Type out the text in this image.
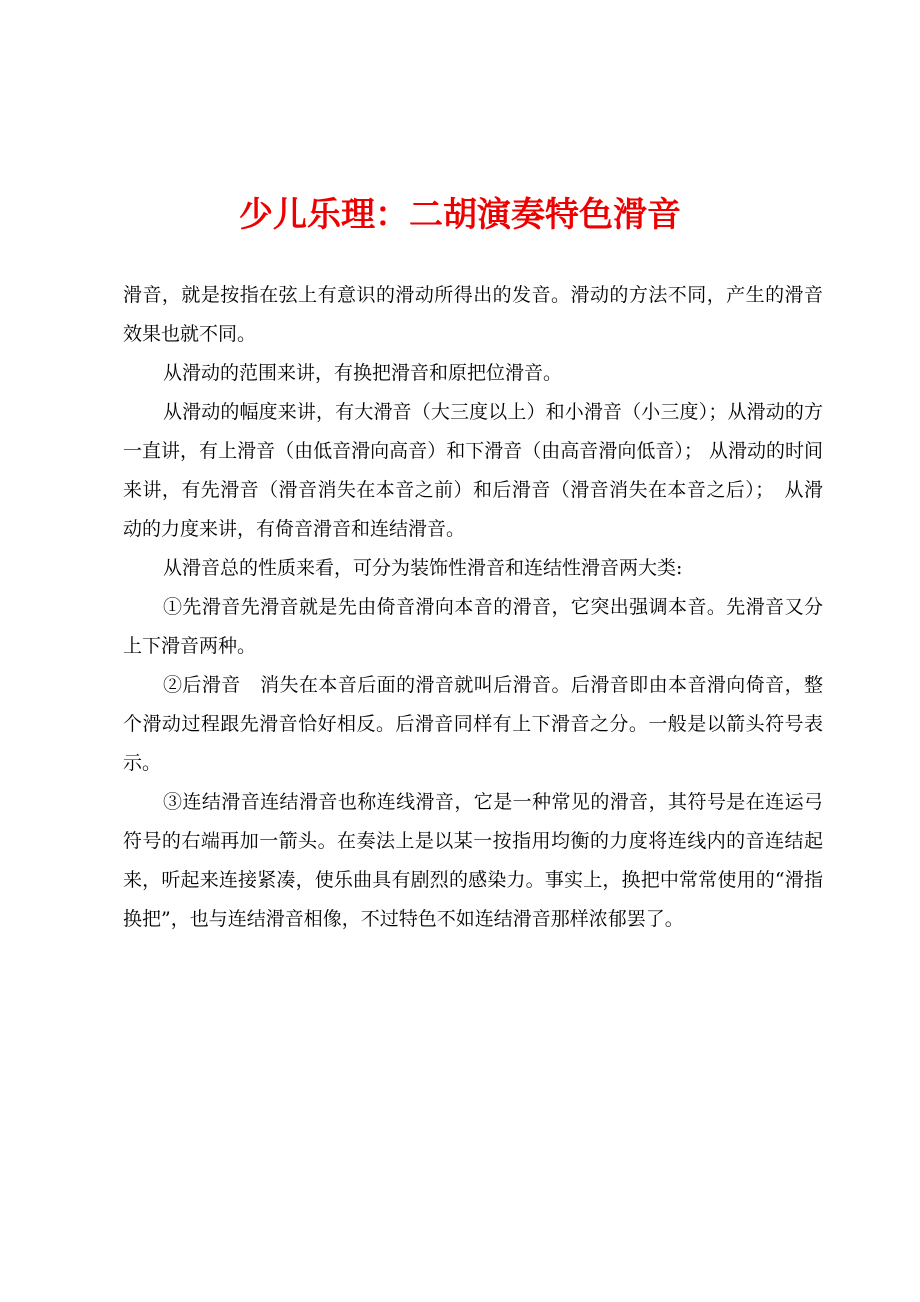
少儿乐理：二胡演奏特色滑音

滑音，就是按指在弦上有意识的滑动所得出的发音。滑动的方法不同，产生的滑音效果也就不同。

从滑动的范围来讲，有换把滑音和原把位滑音。

从滑动的幅度来讲，有大滑音（大三度以上）和小滑音（小三度）；从滑动的方一直讲，有上滑音（由低音滑向高音）和下滑音（由高音滑向低音）； 从滑动的时间来讲，有先滑音（滑音消失在本音之前）和后滑音（滑音消失在本音之后）；　从滑动的力度来讲，有倚音滑音和连结滑音。

从滑音总的性质来看，可分为装饰性滑音和连结性滑音两大类:

①先滑音先滑音就是先由倚音滑向本音的滑音，它突出强调本音。先滑音又分上下滑音两种。

②后滑音　消失在本音后面的滑音就叫后滑音。后滑音即由本音滑向倚音，整个滑动过程跟先滑音恰好相反。后滑音同样有上下滑音之分。一般是以箭头符号表示。

③连结滑音连结滑音也称连线滑音，它是一种常见的滑音，其符号是在连运弓符号的右端再加一箭头。在奏法上是以某一按指用均衡的力度将连线内的音连结起来，听起来连接紧凑，使乐曲具有剧烈的感染力。事实上，换把中常常使用的“滑指换把”，也与连结滑音相像，不过特色不如连结滑音那样浓郁罢了。
